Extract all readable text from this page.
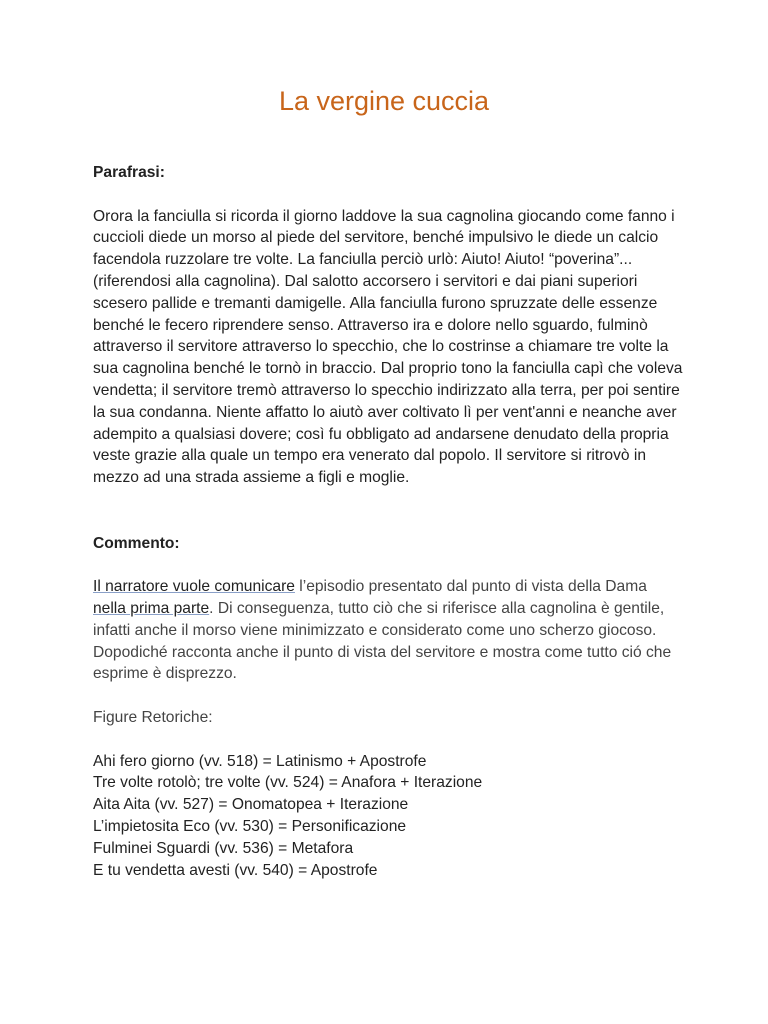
La vergine cuccia

Parafrasi:

Orora la fanciulla si ricorda il giorno laddove la sua cagnolina giocando come fanno i cuccioli diede un morso al piede del servitore, benché impulsivo le diede un calcio facendola ruzzolare tre volte. La fanciulla perciò urlò: Aiuto! Aiuto! “poverina”... (riferendosi alla cagnolina). Dal salotto accorsero i servitori e dai piani superiori scesero pallide e tremanti damigelle. Alla fanciulla furono spruzzate delle essenze benché le fecero riprendere senso. Attraverso ira e dolore nello sguardo, fulminò attraverso il servitore attraverso lo specchio, che lo costrinse a chiamare tre volte la sua cagnolina benché le tornò in braccio. Dal proprio tono la fanciulla capì che voleva vendetta; il servitore tremò attraverso lo specchio indirizzato alla terra, per poi sentire la sua condanna. Niente affatto lo aiutò aver coltivato lì per vent'anni e neanche aver adempito a qualsiasi dovere; così fu obbligato ad andarsene denudato della propria veste grazie alla quale un tempo era venerato dal popolo. Il servitore si ritrovò in mezzo ad una strada assieme a figli e moglie.

Commento:

Il narratore vuole comunicare l’episodio presentato dal punto di vista della Dama nella prima parte. Di conseguenza, tutto ciò che si riferisce alla cagnolina è gentile, infatti anche il morso viene minimizzato e considerato come uno scherzo giocoso. Dopodiché racconta anche il punto di vista del servitore e mostra come tutto ció che esprime è disprezzo.

Figure Retoriche:

Ahi fero giorno (vv. 518) = Latinismo + Apostrofe
Tre volte rotolò; tre volte (vv. 524) = Anafora + Iterazione
Aita Aita (vv. 527) = Onomatopea + Iterazione
L’impietosita Eco (vv. 530) = Personificazione
Fulminei Sguardi (vv. 536) = Metafora
E tu vendetta avesti (vv. 540) = Apostrofe
